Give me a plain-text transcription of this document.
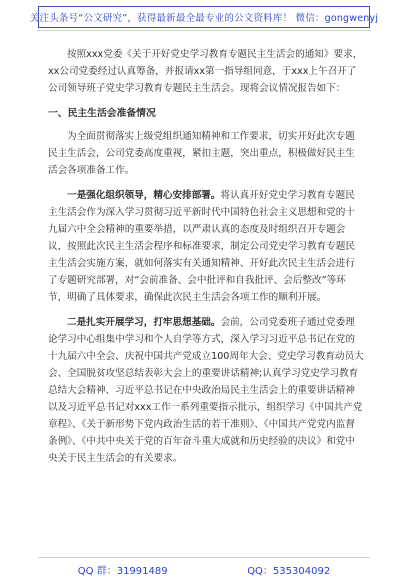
关注头条号“公文研究”，获得最新最全最专业的公文资料库！ 微信：gongwenyj

按照xxx党委《关于开好党史学习教育专题民主生活会的通知》要求，xx公司党委经过认真筹备，并报请xx第一指导组同意，于xxx上午召开了公司领导班子党史学习教育专题民主生活会。现将会议情况报告如下：

一、民主生活会准备情况

为全面贯彻落实上级党组织通知精神和工作要求，切实开好此次专题民主生活会，公司党委高度重视，紧扣主题，突出重点，积极做好民主生活会各项准备工作。

一是强化组织领导，精心安排部署。将认真开好党史学习教育专题民主生活会作为深入学习贯彻习近平新时代中国特色社会主义思想和党的十九届六中全会精神的重要举措，以严肃认真的态度及时组织召开专题会议，按照此次民主生活会程序和标准要求，制定公司党史学习教育专题民主生活会实施方案，就如何落实有关通知精神、开好此次民主生活会进行了专题研究部署，对“会前准备、会中批评和自我批评、会后整改”等环节，明确了具体要求，确保此次民主生活会各项工作的顺利开展。

二是扎实开展学习，打牢思想基础。会前，公司党委班子通过党委理论学习中心组集中学习和个人自学等方式，深入学习习近平总书记在党的十九届六中全会、庆祝中国共产党成立100周年大会、党史学习教育动员大会、全国脱贫攻坚总结表彰大会上的重要讲话精神;认真学习党史学习教育总结大会精神、习近平总书记在中央政治局民主生活会上的重要讲话精神以及习近平总书记对xxx工作一系列重要指示批示，组织学习《中国共产党章程》、《关于新形势下党内政治生活的若干准则》、《中国共产党党内监督条例》、《中共中央关于党的百年奋斗重大成就和历史经验的决议》和党中央关于民主生活会的有关要求。

QQ 群：31991489	QQ：535304092
